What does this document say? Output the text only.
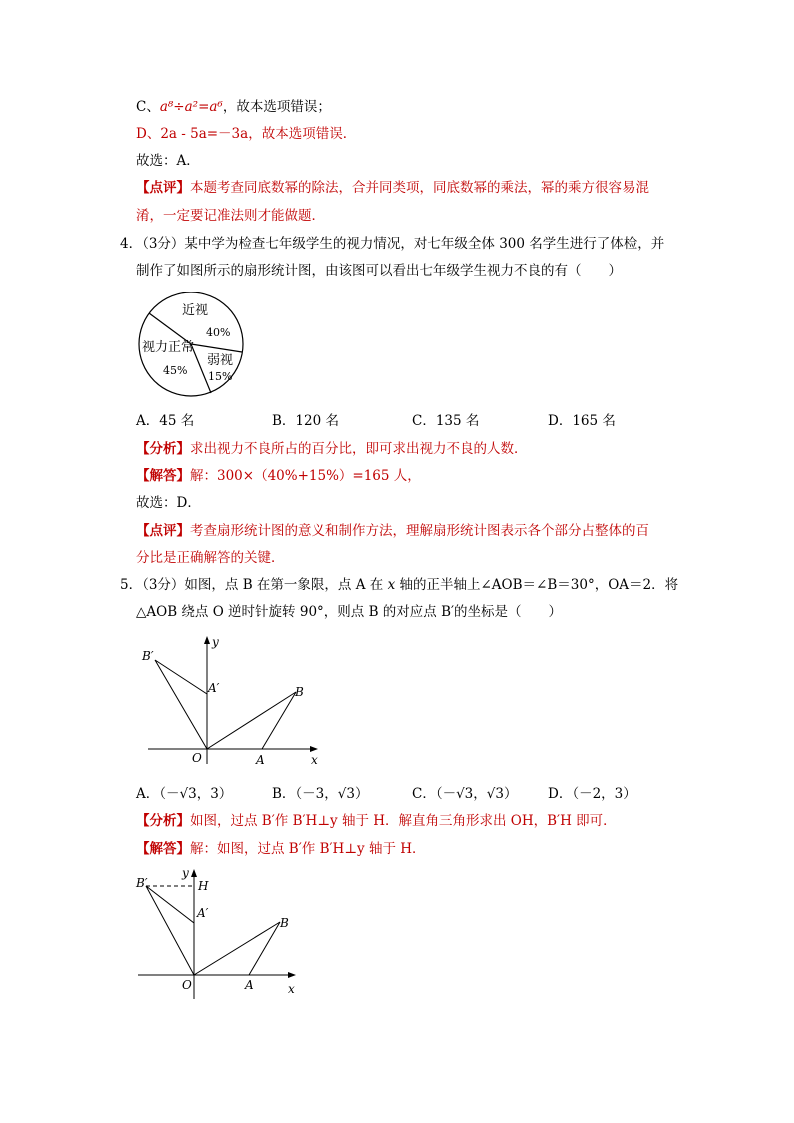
C、a⁸÷a²=a⁶，故本选项错误；
D、2a - 5a=－3a，故本选项错误．
故选：A．
【点评】本题考查同底数幂的除法，合并同类项，同底数幂的乘法，幂的乘方很容易混
淆，一定要记准法则才能做题．
4．（3分）某中学为检查七年级学生的视力情况，对七年级全体 300 名学生进行了体检，并
制作了如图所示的扇形统计图，由该图可以看出七年级学生视力不良的有（　　）
近视
40%
弱视
15%
视力正常
45%
A．45 名	B．120 名	C．135 名	D．165 名
【分析】求出视力不良所占的百分比，即可求出视力不良的人数．
【解答】解：300×（40%+15%）=165 人，
故选：D．
【点评】考查扇形统计图的意义和制作方法，理解扇形统计图表示各个部分占整体的百
分比是正确解答的关键．
5．（3分）如图，点 B 在第一象限，点 A 在 x 轴的正半轴上∠AOB＝∠B＝30°，OA＝2．将
△AOB 绕点 O 逆时针旋转 90°，则点 B 的对应点 B′的坐标是（　　）
y
x
O	A
B
A′
B′
A．（－√3，3）	B．（－3，√3）	C．（－√3，√3） D．（－2，3）
【分析】如图，过点 B′作 B′H⊥y 轴于 H．解直角三角形求出 OH，B′H 即可．
【解答】解：如图，过点 B′作 B′H⊥y 轴于 H．
y
H
x
O	A
B
A′
B′
